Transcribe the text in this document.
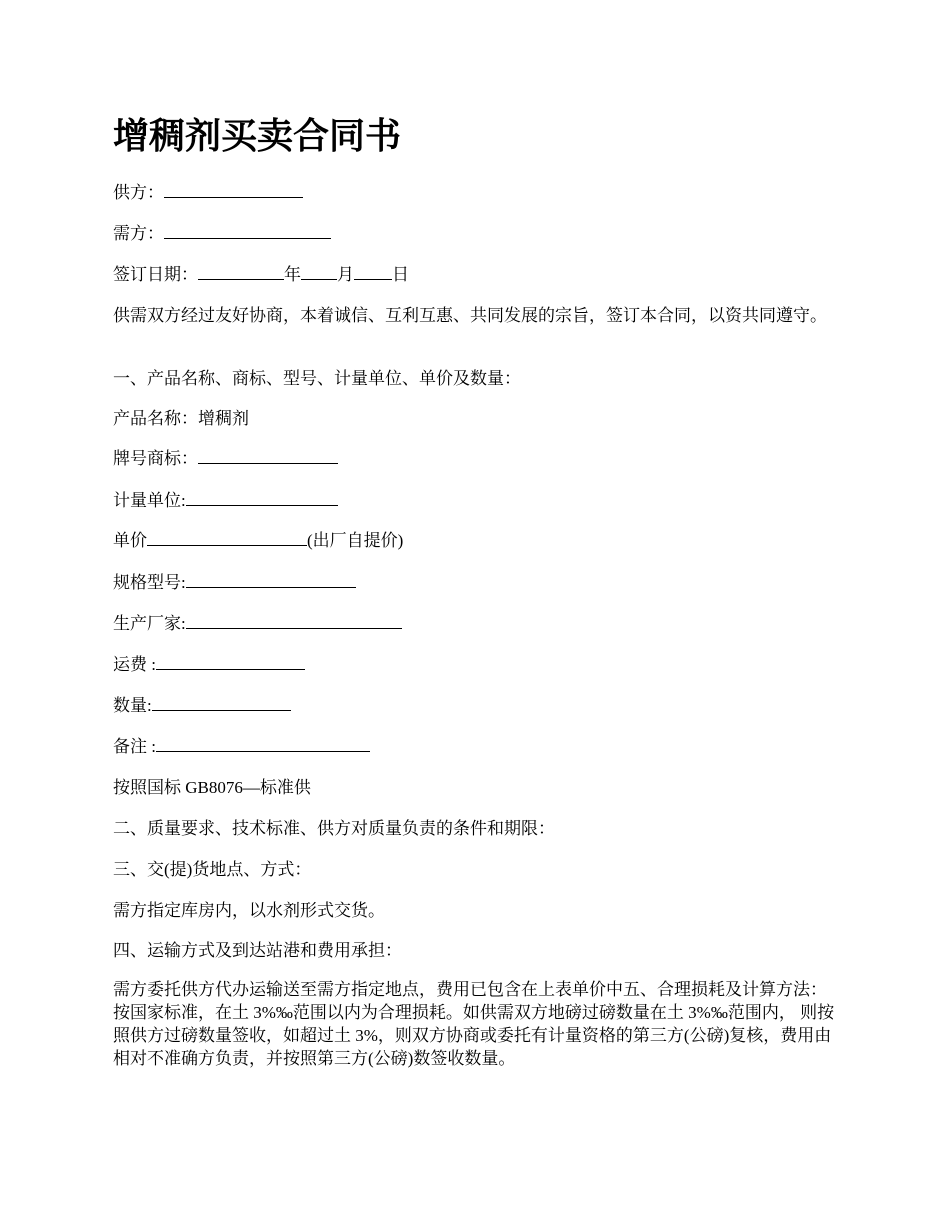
增稠剂买卖合同书

供方：

需方：

签订日期：	年 月 日

供需双方经过友好协商，本着诚信、互利互惠、共同发展的宗旨，签订本合同，以资共同遵守。

一、产品名称、商标、型号、计量单位、单价及数量：

产品名称：增稠剂

牌号商标：

计量单位:

单价	(出厂自提价)

规格型号:

生产厂家:

运费 :

数量:

备注 :

按照国标 GB8076—标准供

二、质量要求、技术标准、供方对质量负责的条件和期限：

三、交(提)货地点、方式：

需方指定库房内，以水剂形式交货。

四、运输方式及到达站港和费用承担：

需方委托供方代办运输送至需方指定地点，费用已包含在上表单价中五、合理损耗及计算方法：按国家标准，在土 3%‰范围以内为合理损耗。如供需双方地磅过磅数量在土 3%‰范围内， 则按照供方过磅数量签收，如超过土 3%，则双方协商或委托有计量资格的第三方(公磅)复核，费用由相对不准确方负责，并按照第三方(公磅)数签收数量。
